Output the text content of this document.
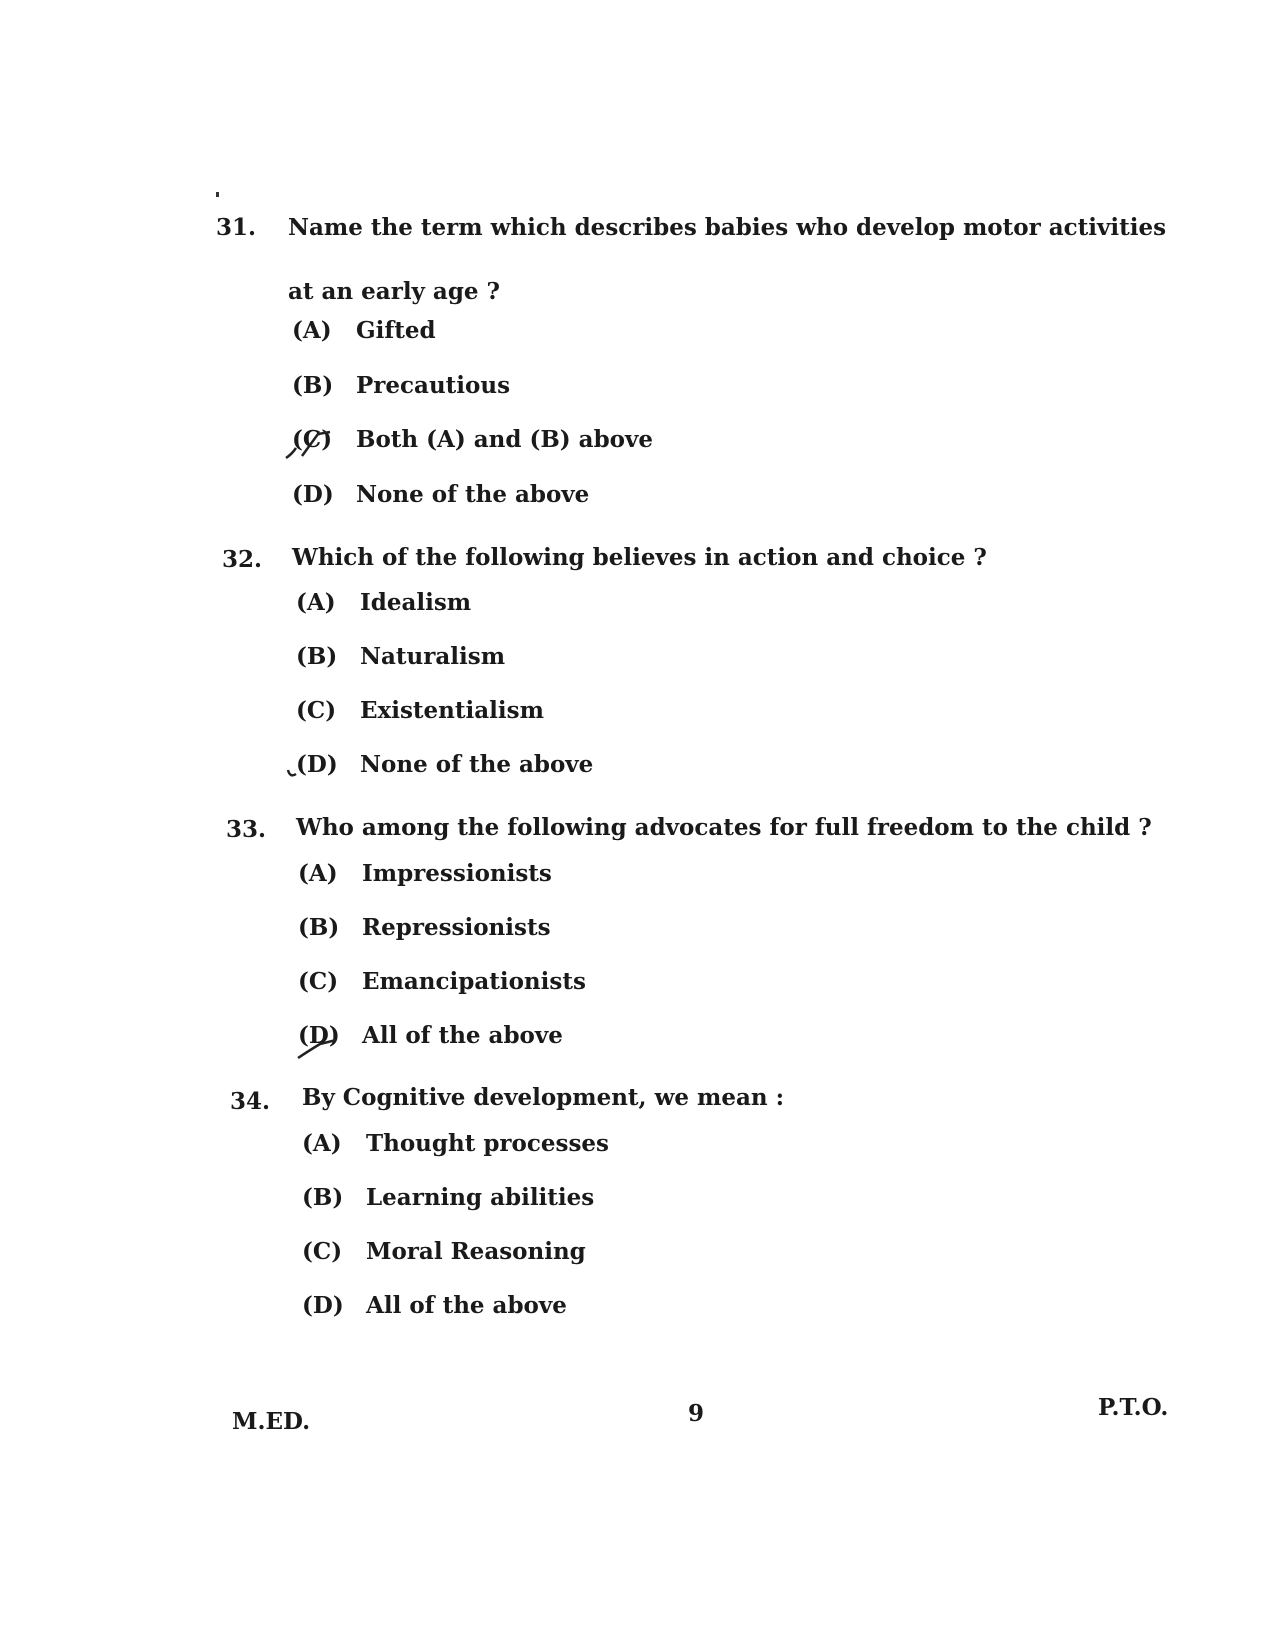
31. Name the term which describes babies who develop motor activities at an early age ?
(A) Gifted
(B) Precautious
(C) Both (A) and (B) above
(D) None of the above
32. Which of the following believes in action and choice ?
(A) Idealism
(B) Naturalism
(C) Existentialism
(D) None of the above
33. Who among the following advocates for full freedom to the child ?
(A) Impressionists
(B) Repressionists
(C) Emancipationists
(D) All of the above
34. By Cognitive development, we mean :
(A) Thought processes
(B) Learning abilities
(C) Moral Reasoning
(D) All of the above
M.ED.	9	P.T.O.
